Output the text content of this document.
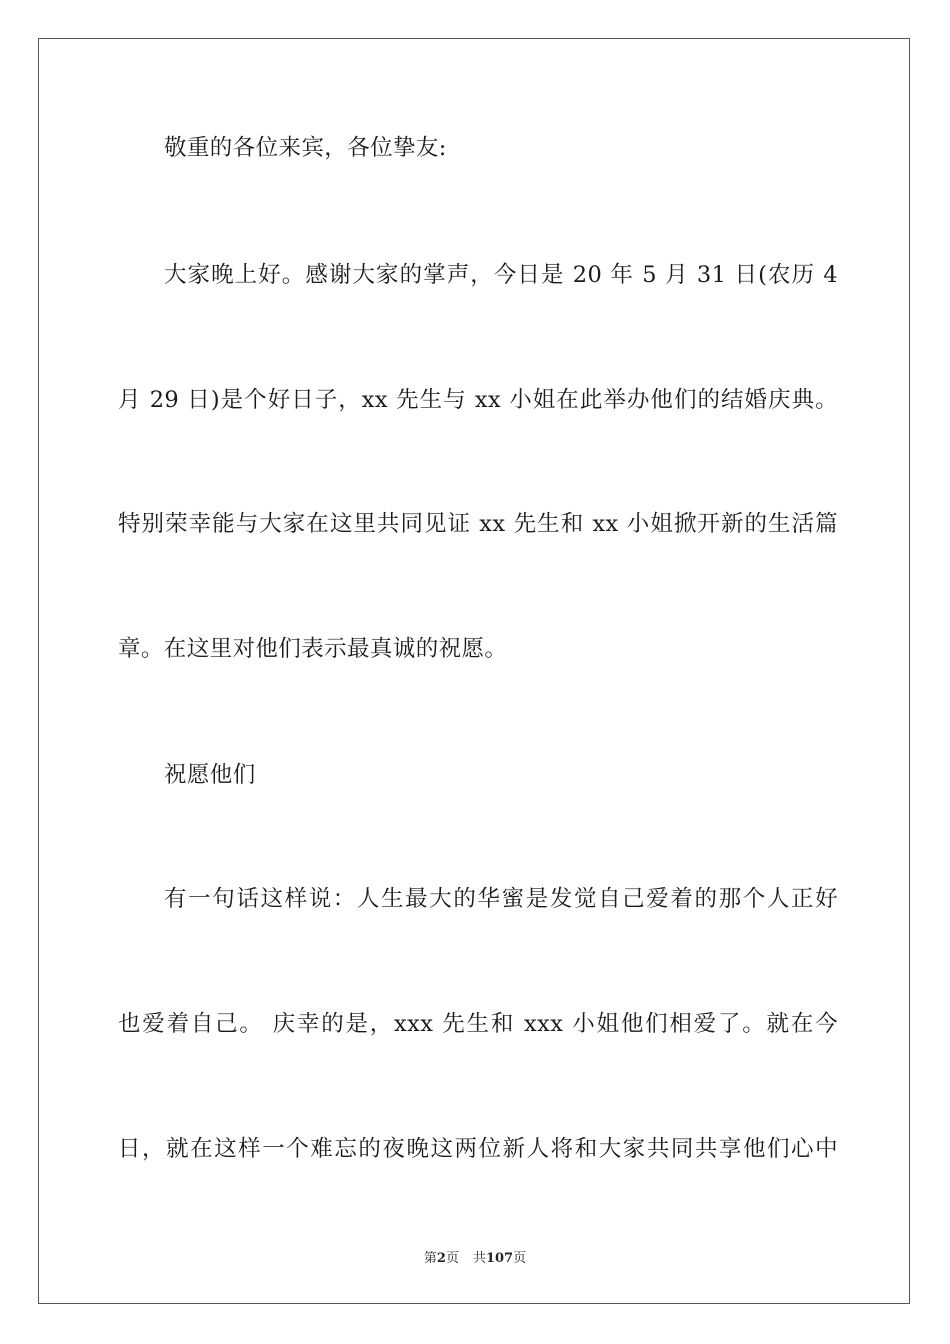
敬重的各位来宾，各位挚友:
大家晚上好。感谢大家的掌声，今日是 20 年 5 月 31 日(农历 4
月 29 日)是个好日子，xx 先生与 xx 小姐在此举办他们的结婚庆典。
特别荣幸能与大家在这里共同见证 xx 先生和 xx 小姐掀开新的生活篇
章。在这里对他们表示最真诚的祝愿。
祝愿他们
有一句话这样说：人生最大的华蜜是发觉自己爱着的那个人正好
也爱着自己。 庆幸的是，xxx 先生和 xxx 小姐他们相爱了。就在今
日，就在这样一个难忘的夜晚这两位新人将和大家共同共享他们心中
第2页 共107页
